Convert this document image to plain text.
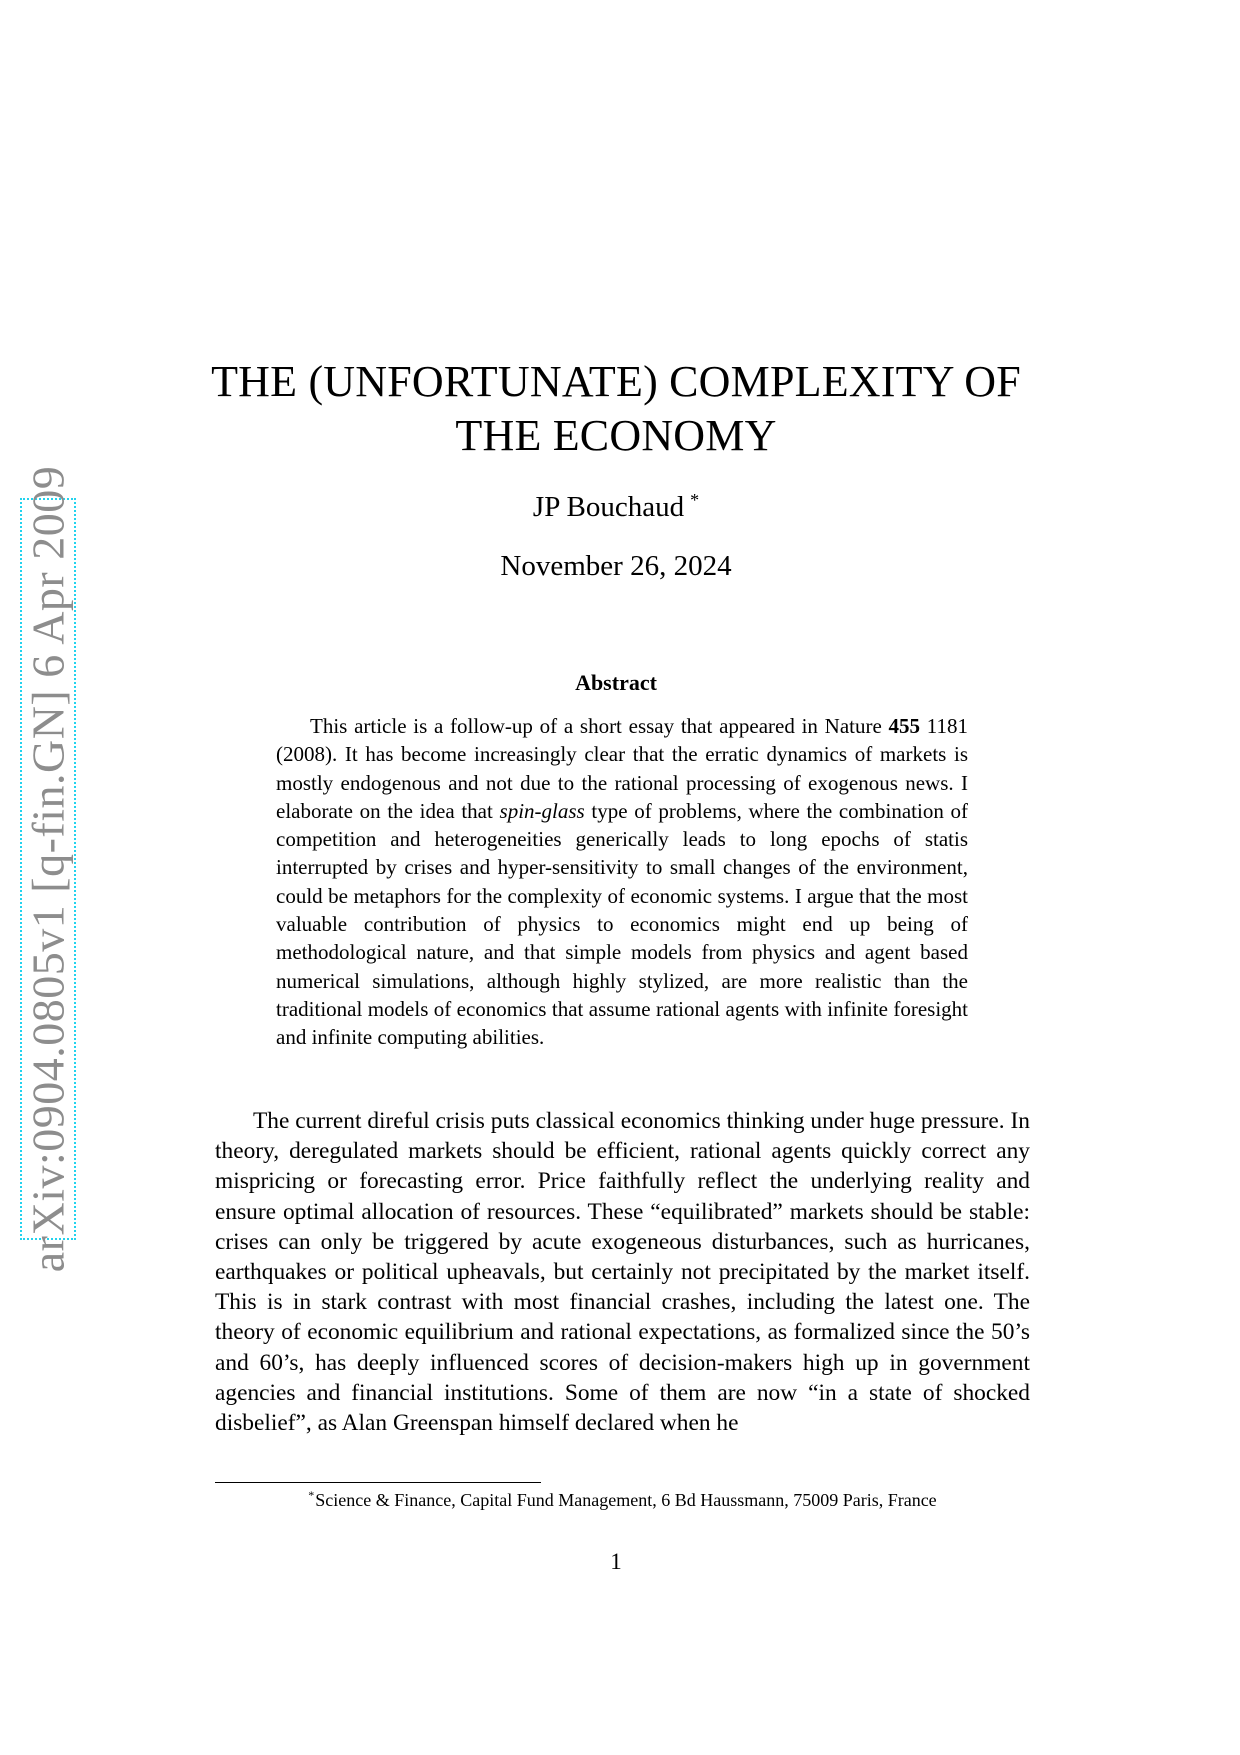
arXiv:0904.0805v1 [q-fin.GN] 6 Apr 2009
THE (UNFORTUNATE) COMPLEXITY OF
THE ECONOMY
JP Bouchaud *
November 26, 2024
Abstract
This article is a follow-up of a short essay that appeared in Nature 455 1181 (2008). It has become increasingly clear that the erratic dynamics of markets is mostly endogenous and not due to the rational processing of exogenous news. I elaborate on the idea that spin-glass type of problems, where the combination of competition and heterogeneities generically leads to long epochs of statis interrupted by crises and hyper-sensitivity to small changes of the environment, could be metaphors for the complexity of economic systems. I argue that the most valuable contribution of physics to economics might end up being of methodological nature, and that simple models from physics and agent based numerical simulations, although highly stylized, are more realistic than the traditional models of economics that assume rational agents with infinite foresight and infinite computing abilities.
The current direful crisis puts classical economics thinking under huge pressure. In theory, deregulated markets should be efficient, rational agents quickly correct any mispricing or forecasting error. Price faithfully reflect the underlying reality and ensure optimal allocation of resources. These “equilibrated” markets should be stable: crises can only be triggered by acute exogeneous disturbances, such as hurricanes, earthquakes or political upheavals, but certainly not precipitated by the market itself. This is in stark contrast with most financial crashes, including the latest one. The theory of economic equilibrium and rational expectations, as formalized since the 50’s and 60’s, has deeply influenced scores of decision-makers high up in government agencies and financial institutions. Some of them are now “in a state of shocked disbelief”, as Alan Greenspan himself declared when he
*Science & Finance, Capital Fund Management, 6 Bd Haussmann, 75009 Paris, France
1
